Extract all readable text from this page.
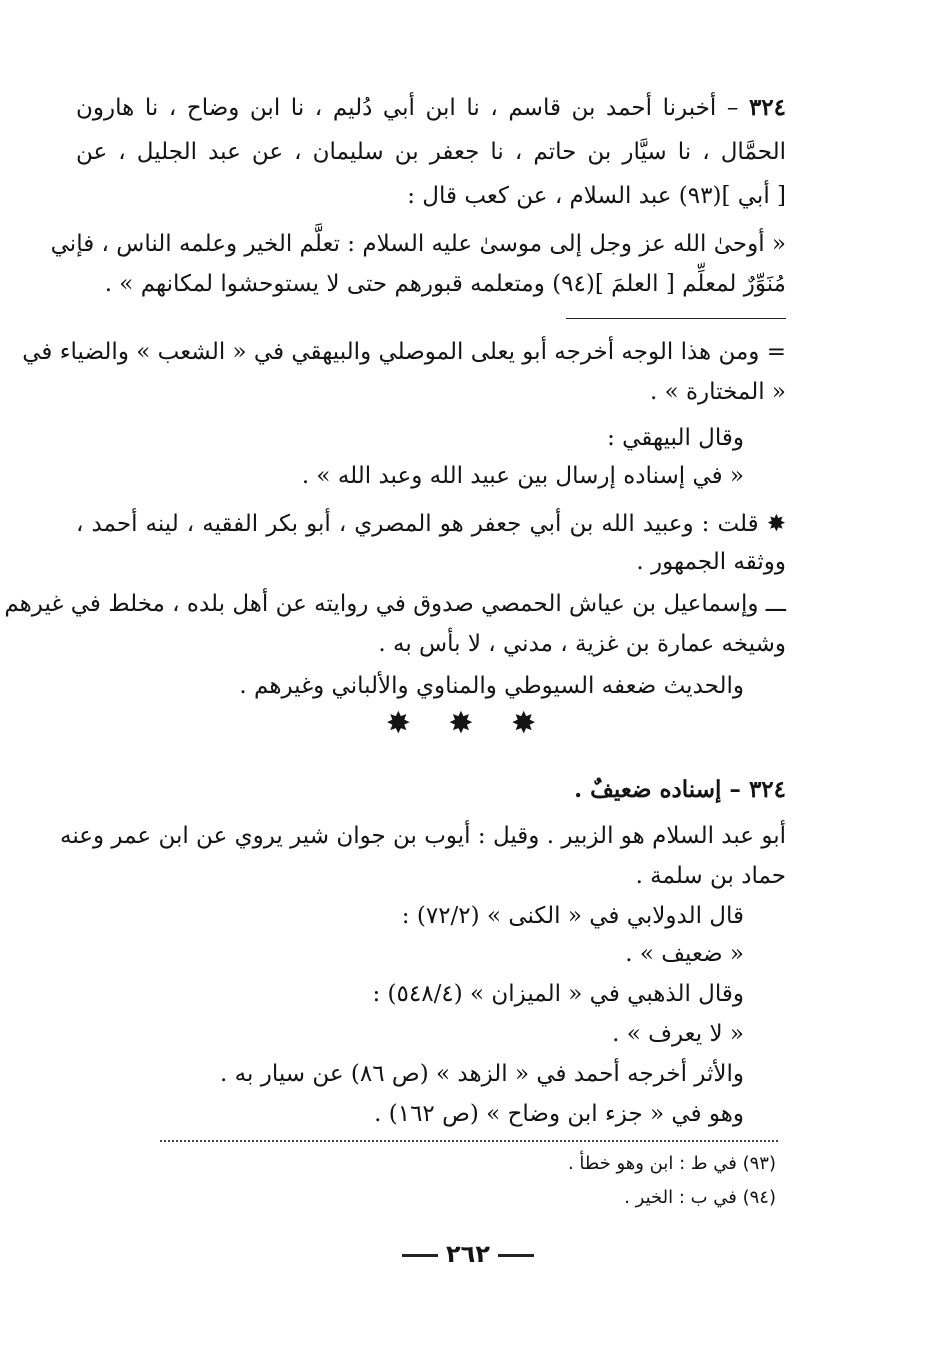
٣٢٤ – أخبرنا أحمد بن قاسم ، نا ابن أبي دُليم ، نا ابن وضاح ، نا هارون
الحمَّال ، نا سيَّار بن حاتم ، نا جعفر بن سليمان ، عن عبد الجليل ، عن
[ أبي ](٩٣) عبد السلام ، عن كعب قال :
« أوحىٰ الله عز وجل إلى موسىٰ عليه السلام : تعلَّم الخير وعلمه الناس ، فإني
مُنَوِّرٌ لمعلِّم [ العلمَ ](٩٤) ومتعلمه قبورهم حتى لا يستوحشوا لمكانهم » .
= ومن هذا الوجه أخرجه أبو يعلى الموصلي والبيهقي في « الشعب » والضياء في
« المختارة » .
وقال البيهقي :
« في إسناده إرسال بين عبيد الله وعبد الله » .
✸ قلت : وعبيد الله بن أبي جعفر هو المصري ، أبو بكر الفقيه ، لينه أحمد ،
ووثقه الجمهور .
ـــ وإسماعيل بن عياش الحمصي صدوق في روايته عن أهل بلده ، مخلط في غيرهم
وشيخه عمارة بن غزية ، مدني ، لا بأس به .
والحديث ضعفه السيوطي والمناوي والألباني وغيرهم .
✸ ✸ ✸
٣٢٤ – إسناده ضعيفٌ .
أبو عبد السلام هو الزبير . وقيل : أيوب بن جوان شير يروي عن ابن عمر وعنه
حماد بن سلمة .
قال الدولابي في « الكنى » (٧٢/٢) :
« ضعيف » .
وقال الذهبي في « الميزان » (٥٤٨/٤) :
« لا يعرف » .
والأثر أخرجه أحمد في « الزهد » (ص ٨٦) عن سيار به .
وهو في « جزء ابن وضاح » (ص ١٦٢) .
(٩٣) في ط : ابن وهو خطأ .
(٩٤) في ب : الخير .
٢٦٢
